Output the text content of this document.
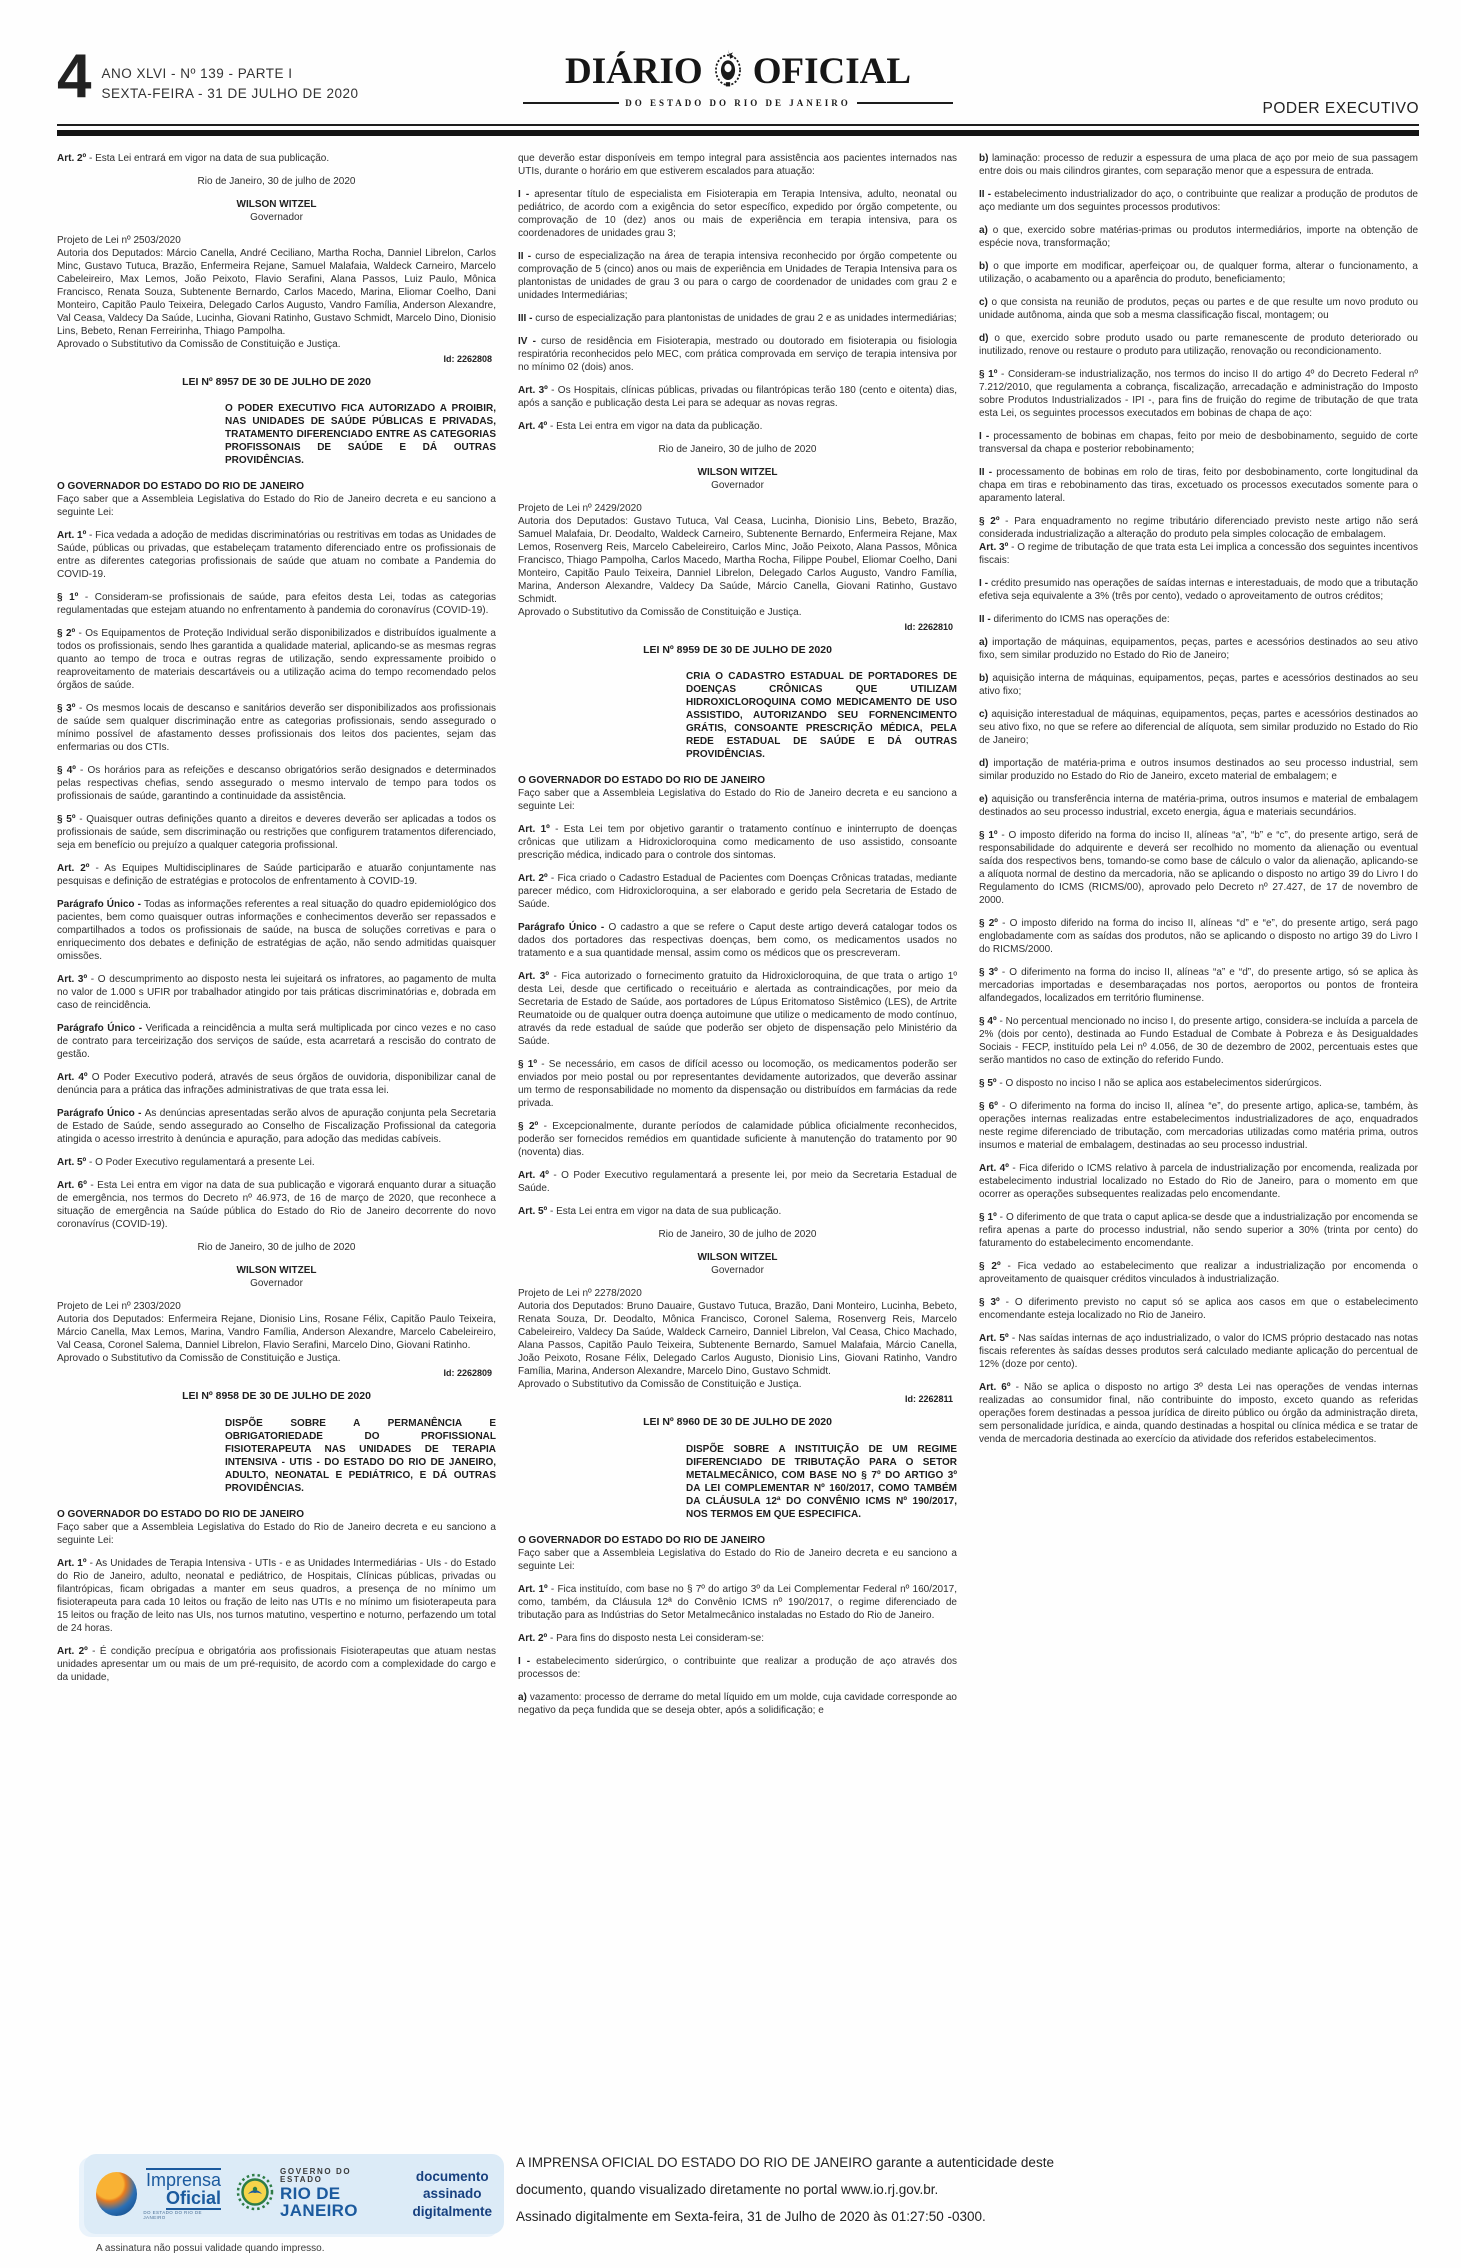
4 ANO XLVI - Nº 139 - PARTE I
SEXTA-FEIRA - 31 DE JULHO DE 2020
DIÁRIO OFICIAL
DO ESTADO DO RIO DE JANEIRO	PODER EXECUTIVO
Art. 2º - Esta Lei entrará em vigor na data de sua publicação.
Rio de Janeiro, 30 de julho de 2020
WILSON WITZEL
Governador
Projeto de Lei nº 2503/2020
Autoria dos Deputados: Márcio Canella, André Ceciliano, Martha Rocha, Danniel Librelon, Carlos Minc, Gustavo Tutuca, Brazão, Enfermeira Rejane, Samuel Malafaia, Waldeck Carneiro, Marcelo Cabeleireiro, Max Lemos, João Peixoto, Flavio Serafini, Alana Passos, Luiz Paulo, Mônica Francisco, Renata Souza, Subtenente Bernardo, Carlos Macedo, Marina, Eliomar Coelho, Dani Monteiro, Capitão Paulo Teixeira, Delegado Carlos Augusto, Vandro Família, Anderson Alexandre, Val Ceasa, Valdecy Da Saúde, Lucinha, Giovani Ratinho, Gustavo Schmidt, Marcelo Dino, Dionisio Lins, Bebeto, Renan Ferreirinha, Thiago Pampolha.
Aprovado o Substitutivo da Comissão de Constituição e Justiça.
Id: 2262808
LEI Nº 8957 DE 30 DE JULHO DE 2020
O PODER EXECUTIVO FICA AUTORIZADO A PROIBIR, NAS UNIDADES DE SAÚDE PÚBLICAS E PRIVADAS, TRATAMENTO DIFERENCIADO ENTRE AS CATEGORIAS PROFISSONAIS DE SAÚDE E DÁ OUTRAS PROVIDÊNCIAS.
O GOVERNADOR DO ESTADO DO RIO DE JANEIRO
Faço saber que a Assembleia Legislativa do Estado do Rio de Janeiro decreta e eu sanciono a seguinte Lei:
Art. 1º - Fica vedada a adoção de medidas discriminatórias ou restritivas em todas as Unidades de Saúde, públicas ou privadas, que estabeleçam tratamento diferenciado entre os profissionais de entre as diferentes categorias profissionais de saúde que atuam no combate a Pandemia do COVID-19.
§ 1º - Consideram-se profissionais de saúde, para efeitos desta Lei, todas as categorias regulamentadas que estejam atuando no enfrentamento à pandemia do coronavírus (COVID-19).
§ 2º - Os Equipamentos de Proteção Individual serão disponibilizados e distribuídos igualmente a todos os profissionais, sendo lhes garantida a qualidade material, aplicando-se as mesmas regras quanto ao tempo de troca e outras regras de utilização, sendo expressamente proibido o reaproveitamento de materiais descartáveis ou a utilização acima do tempo recomendado pelos órgãos de saúde.
§ 3º - Os mesmos locais de descanso e sanitários deverão ser disponibilizados aos profissionais de saúde sem qualquer discriminação entre as categorias profissionais, sendo assegurado o mínimo possível de afastamento desses profissionais dos leitos dos pacientes, sejam das enfermarias ou dos CTIs.
§ 4º - Os horários para as refeições e descanso obrigatórios serão designados e determinados pelas respectivas chefias, sendo assegurado o mesmo intervalo de tempo para todos os profissionais de saúde, garantindo a continuidade da assistência.
§ 5º - Quaisquer outras definições quanto a direitos e deveres deverão ser aplicadas a todos os profissionais de saúde, sem discriminação ou restrições que configurem tratamentos diferenciado, seja em benefício ou prejuízo a qualquer categoria profissional.
Art. 2º - As Equipes Multidisciplinares de Saúde participarão e atuarão conjuntamente nas pesquisas e definição de estratégias e protocolos de enfrentamento à COVID-19.
Parágrafo Único - Todas as informações referentes a real situação do quadro epidemiológico dos pacientes, bem como quaisquer outras informações e conhecimentos deverão ser repassados e compartilhados a todos os profissionais de saúde, na busca de soluções corretivas e para o enriquecimento dos debates e definição de estratégias de ação, não sendo admitidas quaisquer omissões.
Art. 3º - O descumprimento ao disposto nesta lei sujeitará os infratores, ao pagamento de multa no valor de 1.000 s UFIR por trabalhador atingido por tais práticas discriminatórias e, dobrada em caso de reincidência.
Parágrafo Único - Verificada a reincidência a multa será multiplicada por cinco vezes e no caso de contrato para terceirização dos serviços de saúde, esta acarretará a rescisão do contrato de gestão.
Art. 4º O Poder Executivo poderá, através de seus órgãos de ouvidoria, disponibilizar canal de denúncia para a prática das infrações administrativas de que trata essa lei.
Parágrafo Único - As denúncias apresentadas serão alvos de apuração conjunta pela Secretaria de Estado de Saúde, sendo assegurado ao Conselho de Fiscalização Profissional da categoria atingida o acesso irrestrito à denúncia e apuração, para adoção das medidas cabíveis.
Art. 5º - O Poder Executivo regulamentará a presente Lei.
Art. 6º - Esta Lei entra em vigor na data de sua publicação e vigorará enquanto durar a situação de emergência, nos termos do Decreto nº 46.973, de 16 de março de 2020, que reconhece a situação de emergência na Saúde pública do Estado do Rio de Janeiro decorrente do novo coronavírus (COVID-19).
Rio de Janeiro, 30 de julho de 2020
WILSON WITZEL
Governador
Projeto de Lei nº 2303/2020
Autoria dos Deputados: Enfermeira Rejane, Dionisio Lins, Rosane Félix, Capitão Paulo Teixeira, Márcio Canella, Max Lemos, Marina, Vandro Família, Anderson Alexandre, Marcelo Cabeleireiro, Val Ceasa, Coronel Salema, Danniel Librelon, Flavio Serafini, Marcelo Dino, Giovani Ratinho.
Aprovado o Substitutivo da Comissão de Constituição e Justiça.
Id: 2262809
LEI Nº 8958 DE 30 DE JULHO DE 2020
DISPÕE SOBRE A PERMANÊNCIA E OBRIGATORIEDADE DO PROFISSIONAL FISIOTERAPEUTA NAS UNIDADES DE TERAPIA INTENSIVA - UTIS - DO ESTADO DO RIO DE JANEIRO, ADULTO, NEONATAL E PEDIÁTRICO, E DÁ OUTRAS PROVIDÊNCIAS.
O GOVERNADOR DO ESTADO DO RIO DE JANEIRO
Faço saber que a Assembleia Legislativa do Estado do Rio de Janeiro decreta e eu sanciono a seguinte Lei:
Art. 1º - As Unidades de Terapia Intensiva - UTIs - e as Unidades Intermediárias - UIs - do Estado do Rio de Janeiro, adulto, neonatal e pediátrico, de Hospitais, Clínicas públicas, privadas ou filantrópicas, ficam obrigadas a manter em seus quadros, a presença de no mínimo um fisioterapeuta para cada 10 leitos ou fração de leito nas UTIs e no mínimo um fisioterapeuta para 15 leitos ou fração de leito nas UIs, nos turnos matutino, vespertino e noturno, perfazendo um total de 24 horas.
Art. 2º - É condição precípua e obrigatória aos profissionais Fisioterapeutas que atuam nestas unidades apresentar um ou mais de um pré-requisito, de acordo com a complexidade do cargo e da unidade,
que deverão estar disponíveis em tempo integral para assistência aos pacientes internados nas UTIs, durante o horário em que estiverem escalados para atuação:
I - apresentar título de especialista em Fisioterapia em Terapia Intensiva, adulto, neonatal ou pediátrico, de acordo com a exigência do setor específico, expedido por órgão competente, ou comprovação de 10 (dez) anos ou mais de experiência em terapia intensiva, para os coordenadores de unidades grau 3;
II - curso de especialização na área de terapia intensiva reconhecido por órgão competente ou comprovação de 5 (cinco) anos ou mais de experiência em Unidades de Terapia Intensiva para os plantonistas de unidades de grau 3 ou para o cargo de coordenador de unidades com grau 2 e unidades Intermediárias;
III - curso de especialização para plantonistas de unidades de grau 2 e as unidades intermediárias;
IV - curso de residência em Fisioterapia, mestrado ou doutorado em fisioterapia ou fisiologia respiratória reconhecidos pelo MEC, com prática comprovada em serviço de terapia intensiva por no mínimo 02 (dois) anos.
Art. 3º - Os Hospitais, clínicas públicas, privadas ou filantrópicas terão 180 (cento e oitenta) dias, após a sanção e publicação desta Lei para se adequar as novas regras.
Art. 4º - Esta Lei entra em vigor na data da publicação.
Rio de Janeiro, 30 de julho de 2020
WILSON WITZEL
Governador
Projeto de Lei nº 2429/2020
Autoria dos Deputados: Gustavo Tutuca, Val Ceasa, Lucinha, Dionisio Lins, Bebeto, Brazão, Samuel Malafaia, Dr. Deodalto, Waldeck Carneiro, Subtenente Bernardo, Enfermeira Rejane, Max Lemos, Rosenverg Reis, Marcelo Cabeleireiro, Carlos Minc, João Peixoto, Alana Passos, Mônica Francisco, Thiago Pampolha, Carlos Macedo, Martha Rocha, Filippe Poubel, Eliomar Coelho, Dani Monteiro, Capitão Paulo Teixeira, Danniel Librelon, Delegado Carlos Augusto, Vandro Família, Marina, Anderson Alexandre, Valdecy Da Saúde, Márcio Canella, Giovani Ratinho, Gustavo Schmidt.
Aprovado o Substitutivo da Comissão de Constituição e Justiça.
Id: 2262810
LEI Nº 8959 DE 30 DE JULHO DE 2020
CRIA O CADASTRO ESTADUAL DE PORTADORES DE DOENÇAS CRÔNICAS QUE UTILIZAM HIDROXICLOROQUINA COMO MEDICAMENTO DE USO ASSISTIDO, AUTORIZANDO SEU FORNENCIMENTO GRÁTIS, CONSOANTE PRESCRIÇÃO MÉDICA, PELA REDE ESTADUAL DE SAÚDE E DÁ OUTRAS PROVIDÊNCIAS.
O GOVERNADOR DO ESTADO DO RIO DE JANEIRO
Faço saber que a Assembleia Legislativa do Estado do Rio de Janeiro decreta e eu sanciono a seguinte Lei:
Art. 1º - Esta Lei tem por objetivo garantir o tratamento contínuo e ininterrupto de doenças crônicas que utilizam a Hidroxicloroquina como medicamento de uso assistido, consoante prescrição médica, indicado para o controle dos sintomas.
Art. 2º - Fica criado o Cadastro Estadual de Pacientes com Doenças Crônicas tratadas, mediante parecer médico, com Hidroxicloroquina, a ser elaborado e gerido pela Secretaria de Estado de Saúde.
Parágrafo Único - O cadastro a que se refere o Caput deste artigo deverá catalogar todos os dados dos portadores das respectivas doenças, bem como, os medicamentos usados no tratamento e a sua quantidade mensal, assim como os médicos que os prescreveram.
Art. 3º - Fica autorizado o fornecimento gratuito da Hidroxicloroquina, de que trata o artigo 1º desta Lei, desde que certificado o receituário e alertada as contraindicações, por meio da Secretaria de Estado de Saúde, aos portadores de Lúpus Eritomatoso Sistêmico (LES), de Artrite Reumatoide ou de qualquer outra doença autoimune que utilize o medicamento de modo contínuo, através da rede estadual de saúde que poderão ser objeto de dispensação pelo Ministério da Saúde.
§ 1º - Se necessário, em casos de difícil acesso ou locomoção, os medicamentos poderão ser enviados por meio postal ou por representantes devidamente autorizados, que deverão assinar um termo de responsabilidade no momento da dispensação ou distribuídos em farmácias da rede privada.
§ 2º - Excepcionalmente, durante períodos de calamidade pública oficialmente reconhecidos, poderão ser fornecidos remédios em quantidade suficiente à manutenção do tratamento por 90 (noventa) dias.
Art. 4º - O Poder Executivo regulamentará a presente lei, por meio da Secretaria Estadual de Saúde.
Art. 5º - Esta Lei entra em vigor na data de sua publicação.
Rio de Janeiro, 30 de julho de 2020
WILSON WITZEL
Governador
Projeto de Lei nº 2278/2020
Autoria dos Deputados: Bruno Dauaire, Gustavo Tutuca, Brazão, Dani Monteiro, Lucinha, Bebeto, Renata Souza, Dr. Deodalto, Mônica Francisco, Coronel Salema, Rosenverg Reis, Marcelo Cabeleireiro, Valdecy Da Saúde, Waldeck Carneiro, Danniel Librelon, Val Ceasa, Chico Machado, Alana Passos, Capitão Paulo Teixeira, Subtenente Bernardo, Samuel Malafaia, Márcio Canella, João Peixoto, Rosane Félix, Delegado Carlos Augusto, Dionisio Lins, Giovani Ratinho, Vandro Família, Marina, Anderson Alexandre, Marcelo Dino, Gustavo Schmidt.
Aprovado o Substitutivo da Comissão de Constituição e Justiça.
Id: 2262811
LEI Nº 8960 DE 30 DE JULHO DE 2020
DISPÕE SOBRE A INSTITUIÇÃO DE UM REGIME DIFERENCIADO DE TRIBUTAÇÃO PARA O SETOR METALMECÂNICO, COM BASE NO § 7º DO ARTIGO 3º DA LEI COMPLEMENTAR Nº 160/2017, COMO TAMBÉM DA CLÁUSULA 12ª DO CONVÊNIO ICMS Nº 190/2017, NOS TERMOS EM QUE ESPECIFICA.
O GOVERNADOR DO ESTADO DO RIO DE JANEIRO
Faço saber que a Assembleia Legislativa do Estado do Rio de Janeiro decreta e eu sanciono a seguinte Lei:
Art. 1º - Fica instituído, com base no § 7º do artigo 3º da Lei Complementar Federal nº 160/2017, como, também, da Cláusula 12ª do Convênio ICMS nº 190/2017, o regime diferenciado de tributação para as Indústrias do Setor Metalmecânico instaladas no Estado do Rio de Janeiro.
Art. 2º - Para fins do disposto nesta Lei consideram-se:
I - estabelecimento siderúrgico, o contribuinte que realizar a produção de aço através dos processos de:
a) vazamento: processo de derrame do metal líquido em um molde, cuja cavidade corresponde ao negativo da peça fundida que se deseja obter, após a solidificação; e
b) laminação: processo de reduzir a espessura de uma placa de aço por meio de sua passagem entre dois ou mais cilindros girantes, com separação menor que a espessura de entrada.
II - estabelecimento industrializador do aço, o contribuinte que realizar a produção de produtos de aço mediante um dos seguintes processos produtivos:
a) o que, exercido sobre matérias-primas ou produtos intermediários, importe na obtenção de espécie nova, transformação;
b) o que importe em modificar, aperfeiçoar ou, de qualquer forma, alterar o funcionamento, a utilização, o acabamento ou a aparência do produto, beneficiamento;
c) o que consista na reunião de produtos, peças ou partes e de que resulte um novo produto ou unidade autônoma, ainda que sob a mesma classificação fiscal, montagem; ou
d) o que, exercido sobre produto usado ou parte remanescente de produto deteriorado ou inutilizado, renove ou restaure o produto para utilização, renovação ou recondicionamento.
§ 1º - Consideram-se industrialização, nos termos do inciso II do artigo 4º do Decreto Federal nº 7.212/2010, que regulamenta a cobrança, fiscalização, arrecadação e administração do Imposto sobre Produtos Industrializados - IPI -, para fins de fruição do regime de tributação de que trata esta Lei, os seguintes processos executados em bobinas de chapa de aço:
I - processamento de bobinas em chapas, feito por meio de desbobinamento, seguido de corte transversal da chapa e posterior rebobinamento;
II - processamento de bobinas em rolo de tiras, feito por desbobinamento, corte longitudinal da chapa em tiras e rebobinamento das tiras, excetuado os processos executados somente para o aparamento lateral.
§ 2º - Para enquadramento no regime tributário diferenciado previsto neste artigo não será considerada industrialização a alteração do produto pela simples colocação de embalagem.
Art. 3º - O regime de tributação de que trata esta Lei implica a concessão dos seguintes incentivos fiscais:
I - crédito presumido nas operações de saídas internas e interestaduais, de modo que a tributação efetiva seja equivalente a 3% (três por cento), vedado o aproveitamento de outros créditos;
II - diferimento do ICMS nas operações de:
a) importação de máquinas, equipamentos, peças, partes e acessórios destinados ao seu ativo fixo, sem similar produzido no Estado do Rio de Janeiro;
b) aquisição interna de máquinas, equipamentos, peças, partes e acessórios destinados ao seu ativo fixo;
c) aquisição interestadual de máquinas, equipamentos, peças, partes e acessórios destinados ao seu ativo fixo, no que se refere ao diferencial de alíquota, sem similar produzido no Estado do Rio de Janeiro;
d) importação de matéria-prima e outros insumos destinados ao seu processo industrial, sem similar produzido no Estado do Rio de Janeiro, exceto material de embalagem; e
e) aquisição ou transferência interna de matéria-prima, outros insumos e material de embalagem destinados ao seu processo industrial, exceto energia, água e materiais secundários.
§ 1º - O imposto diferido na forma do inciso II, alíneas “a”, “b” e “c”, do presente artigo, será de responsabilidade do adquirente e deverá ser recolhido no momento da alienação ou eventual saída dos respectivos bens, tomando-se como base de cálculo o valor da alienação, aplicando-se a alíquota normal de destino da mercadoria, não se aplicando o disposto no artigo 39 do Livro I do Regulamento do ICMS (RICMS/00), aprovado pelo Decreto nº 27.427, de 17 de novembro de 2000.
§ 2º - O imposto diferido na forma do inciso II, alíneas “d” e “e”, do presente artigo, será pago englobadamente com as saídas dos produtos, não se aplicando o disposto no artigo 39 do Livro I do RICMS/2000.
§ 3º - O diferimento na forma do inciso II, alíneas “a” e “d”, do presente artigo, só se aplica às mercadorias importadas e desembaraçadas nos portos, aeroportos ou pontos de fronteira alfandegados, localizados em território fluminense.
§ 4º - No percentual mencionado no inciso I, do presente artigo, considera-se incluída a parcela de 2% (dois por cento), destinada ao Fundo Estadual de Combate à Pobreza e às Desigualdades Sociais - FECP, instituído pela Lei nº 4.056, de 30 de dezembro de 2002, percentuais estes que serão mantidos no caso de extinção do referido Fundo.
§ 5º - O disposto no inciso I não se aplica aos estabelecimentos siderúrgicos.
§ 6º - O diferimento na forma do inciso II, alínea “e”, do presente artigo, aplica-se, também, às operações internas realizadas entre estabelecimentos industrializadores de aço, enquadrados neste regime diferenciado de tributação, com mercadorias utilizadas como matéria prima, outros insumos e material de embalagem, destinadas ao seu processo industrial.
Art. 4º - Fica diferido o ICMS relativo à parcela de industrialização por encomenda, realizada por estabelecimento industrial localizado no Estado do Rio de Janeiro, para o momento em que ocorrer as operações subsequentes realizadas pelo encomendante.
§ 1º - O diferimento de que trata o caput aplica-se desde que a industrialização por encomenda se refira apenas a parte do processo industrial, não sendo superior a 30% (trinta por cento) do faturamento do estabelecimento encomendante.
§ 2º - Fica vedado ao estabelecimento que realizar a industrialização por encomenda o aproveitamento de quaisquer créditos vinculados à industrialização.
§ 3º - O diferimento previsto no caput só se aplica aos casos em que o estabelecimento encomendante esteja localizado no Rio de Janeiro.
Art. 5º - Nas saídas internas de aço industrializado, o valor do ICMS próprio destacado nas notas fiscais referentes às saídas desses produtos será calculado mediante aplicação do percentual de 12% (doze por cento).
Art. 6º - Não se aplica o disposto no artigo 3º desta Lei nas operações de vendas internas realizadas ao consumidor final, não contribuinte do imposto, exceto quando as referidas operações forem destinadas a pessoa jurídica de direito público ou órgão da administração direta, sem personalidade jurídica, e ainda, quando destinadas a hospital ou clínica médica e se tratar de venda de mercadoria destinada ao exercício da atividade dos referidos estabelecimentos.
Imprensa
Oficial
DO ESTADO DO RIO DE JANEIRO
GOVERNO DO ESTADO
RIO DE JANEIRO
documento
assinado
digitalmente
A assinatura não possui validade quando impresso.
A IMPRENSA OFICIAL DO ESTADO DO RIO DE JANEIRO garante a autenticidade deste
documento, quando visualizado diretamente no portal www.io.rj.gov.br.
Assinado digitalmente em Sexta-feira, 31 de Julho de 2020 às 01:27:50 -0300.
